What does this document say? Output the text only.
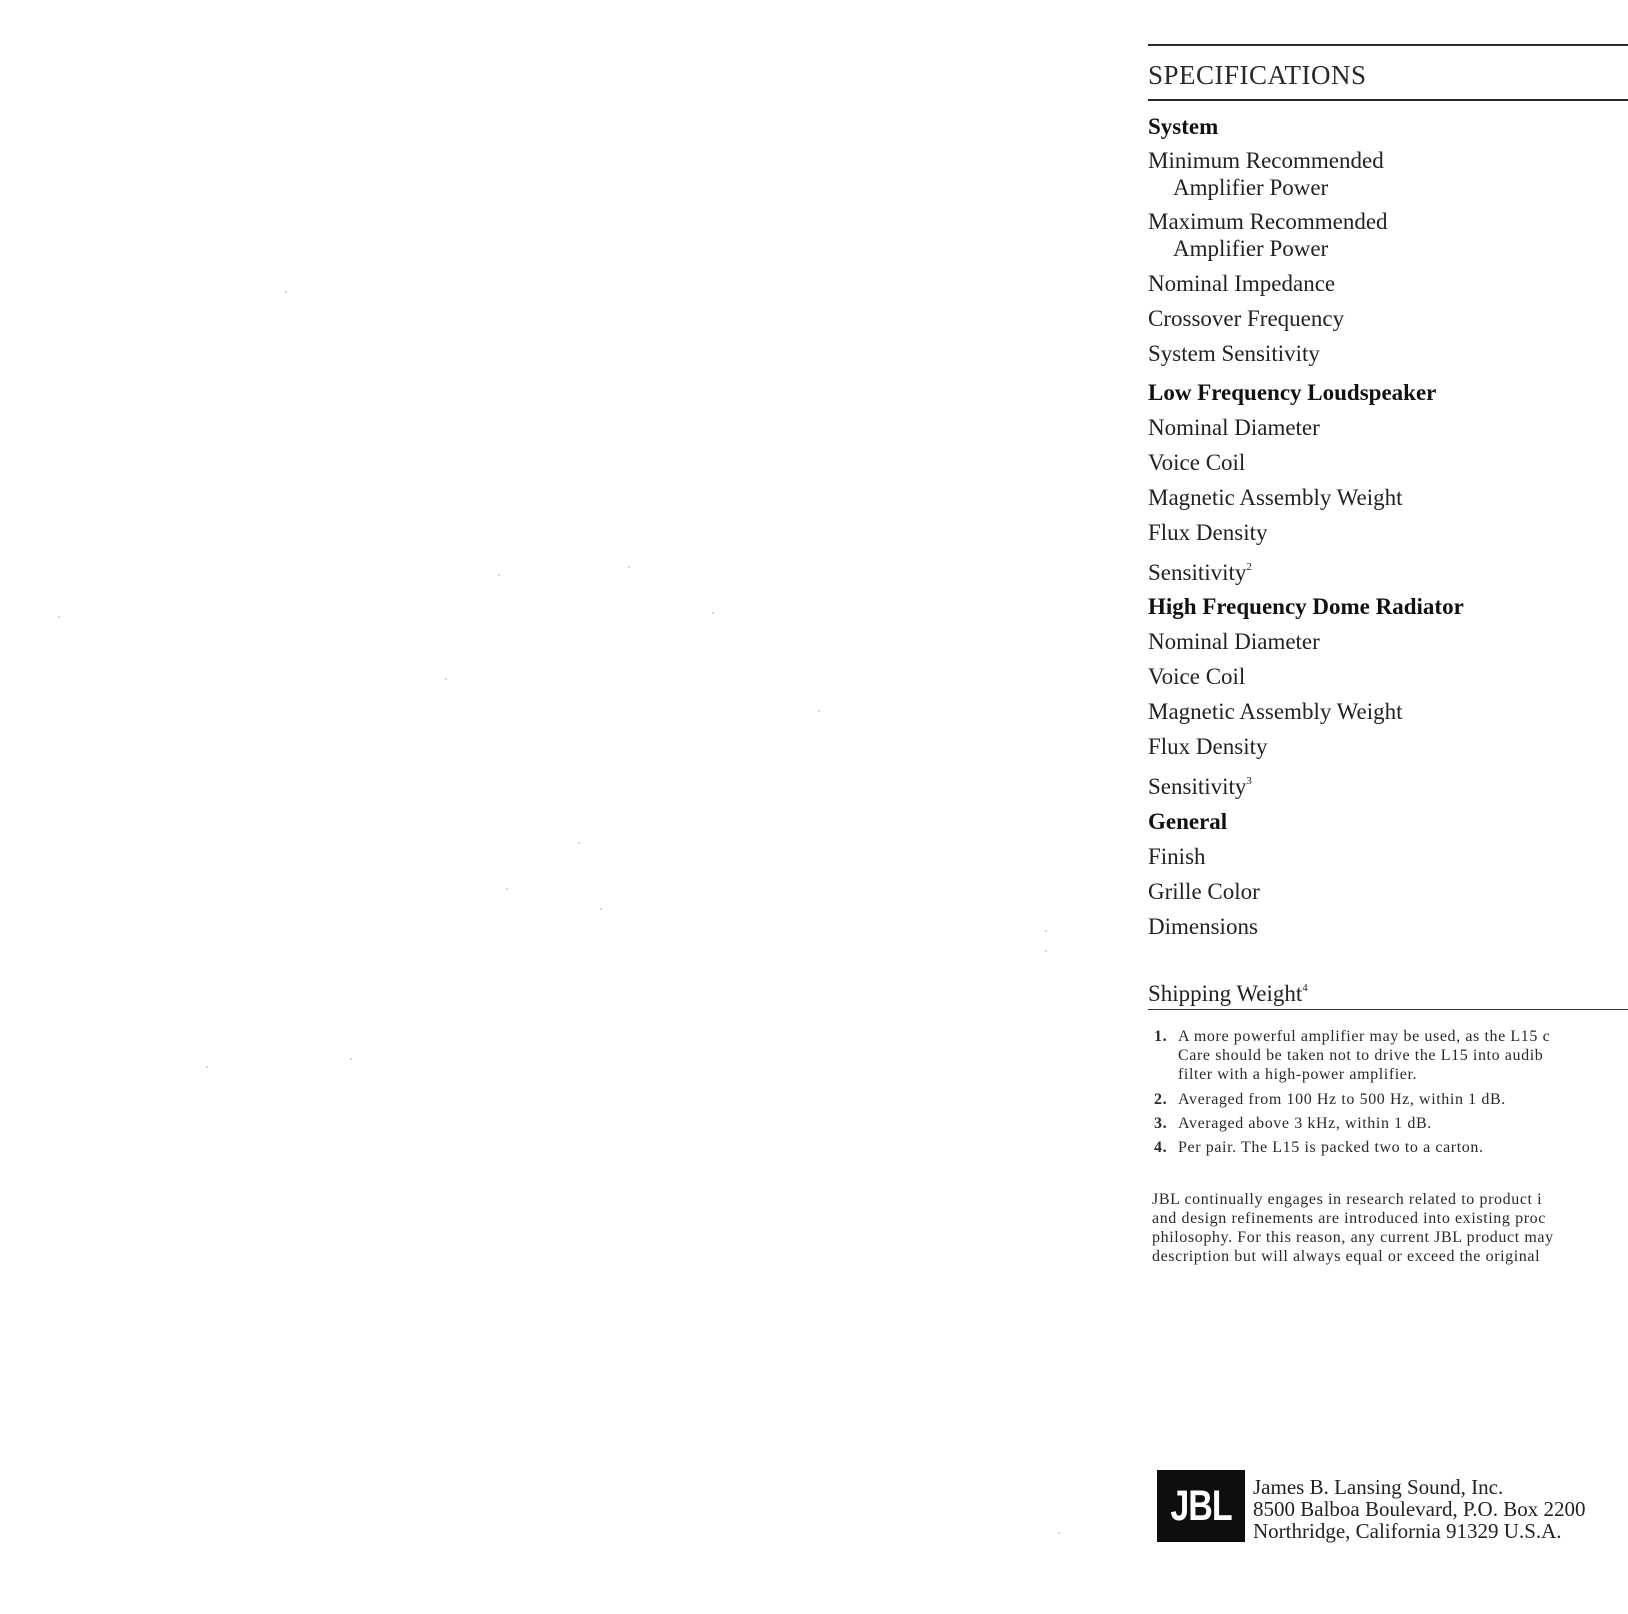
SPECIFICATIONS
System
Minimum Recommended
Amplifier Power
Maximum Recommended
Amplifier Power
Nominal Impedance
Crossover Frequency
System Sensitivity
Low Frequency Loudspeaker
Nominal Diameter
Voice Coil
Magnetic Assembly Weight
Flux Density
Sensitivity$^2$
High Frequency Dome Radiator
Nominal Diameter
Voice Coil
Magnetic Assembly Weight
Flux Density
Sensitivity$^3$
General
Finish
Grille Color
Dimensions
Shipping Weight$^4$
1. A more powerful amplifier may be used, as the L15 c
Care should be taken not to drive the L15 into audib
filter with a high-power amplifier.
2. Averaged from 100 Hz to 500 Hz, within 1 dB.
3. Averaged above 3 kHz, within 1 dB.
4. Per pair. The L15 is packed two to a carton.
JBL continually engages in research related to product i
and design refinements are introduced into existing proc
philosophy. For this reason, any current JBL product may
description but will always equal or exceed the original
JBL	James B. Lansing Sound, Inc.
8500 Balboa Boulevard, P.O. Box 2200
Northridge, California 91329 U.S.A.
